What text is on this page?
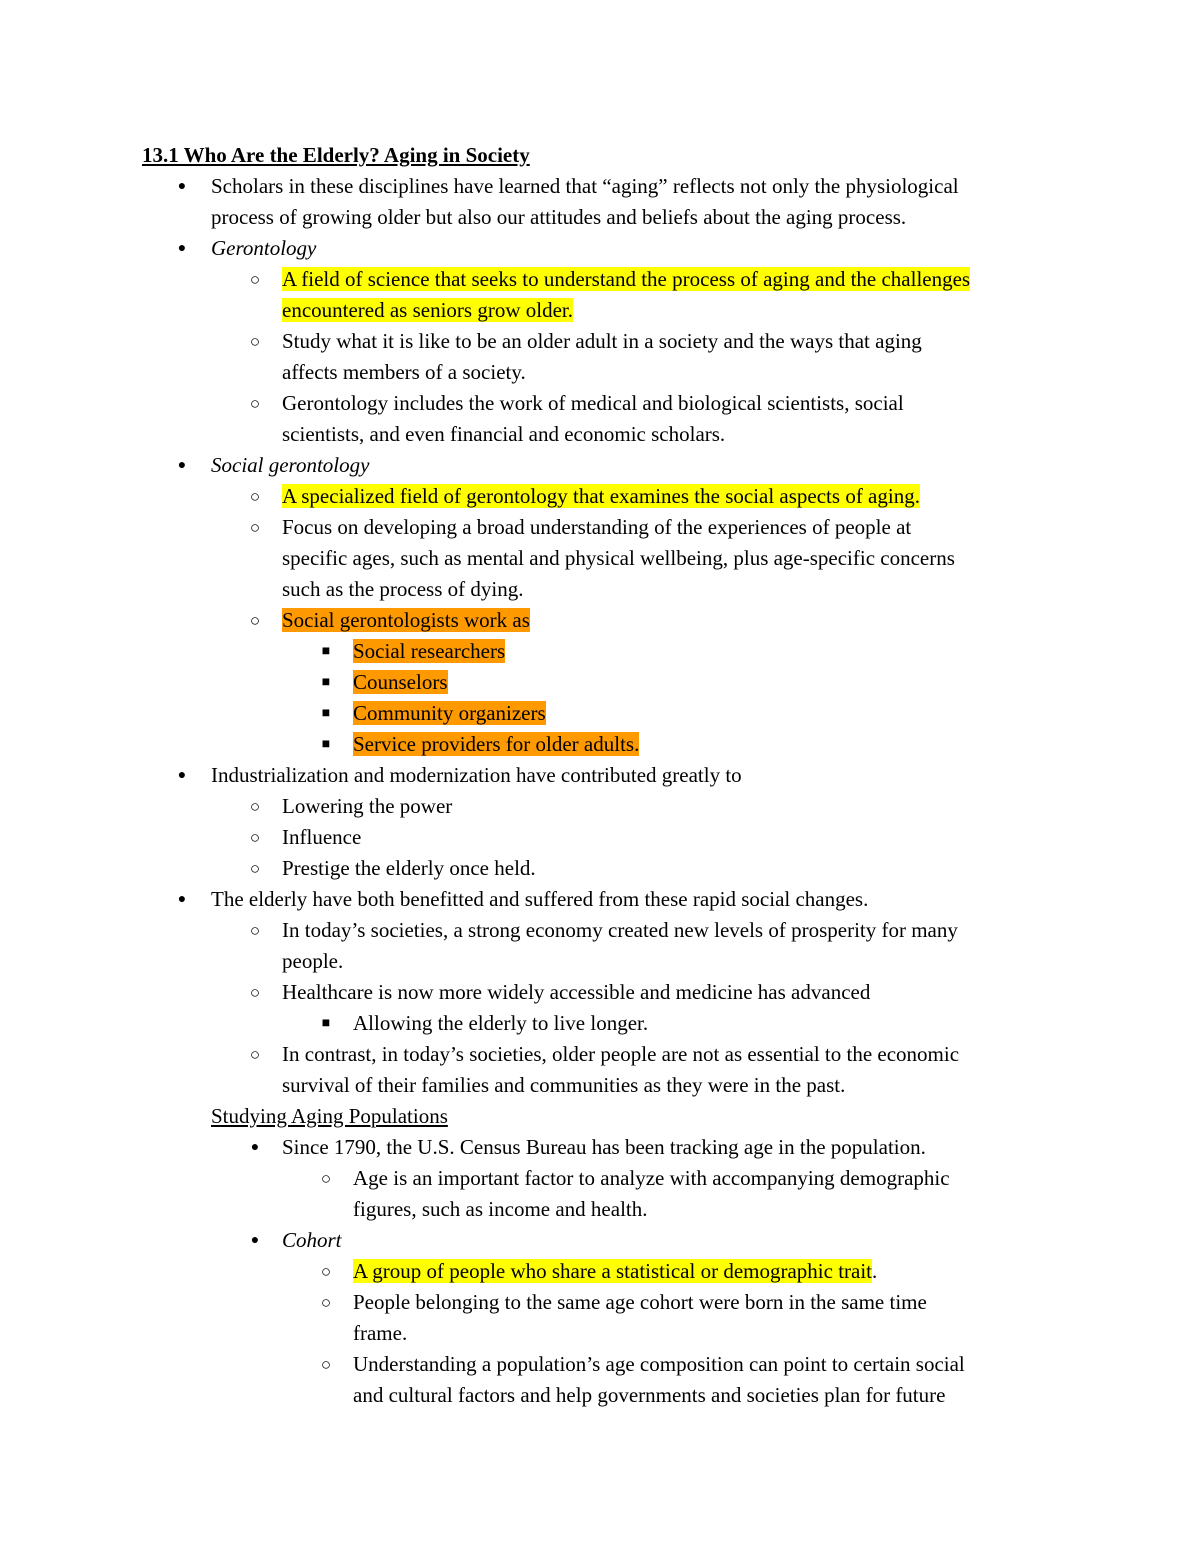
13.1 Who Are the Elderly? Aging in Society
● Scholars in these disciplines have learned that “aging” reflects not only the physiological
process of growing older but also our attitudes and beliefs about the aging process.
● Gerontology
○ A field of science that seeks to understand the process of aging and the challenges
encountered as seniors grow older.
○ Study what it is like to be an older adult in a society and the ways that aging
affects members of a society.
○ Gerontology includes the work of medical and biological scientists, social
scientists, and even financial and economic scholars.
● Social gerontology
○ A specialized field of gerontology that examines the social aspects of aging.
○ Focus on developing a broad understanding of the experiences of people at
specific ages, such as mental and physical wellbeing, plus age-specific concerns
such as the process of dying.
○ Social gerontologists work as
■ Social researchers
■ Counselors
■ Community organizers
■ Service providers for older adults.
● Industrialization and modernization have contributed greatly to
○ Lowering the power
○ Influence
○ Prestige the elderly once held.
● The elderly have both benefitted and suffered from these rapid social changes.
○ In today’s societies, a strong economy created new levels of prosperity for many
people.
○ Healthcare is now more widely accessible and medicine has advanced
■ Allowing the elderly to live longer.
○ In contrast, in today’s societies, older people are not as essential to the economic
survival of their families and communities as they were in the past.
Studying Aging Populations
● Since 1790, the U.S. Census Bureau has been tracking age in the population.
○ Age is an important factor to analyze with accompanying demographic
figures, such as income and health.
● Cohort
○ A group of people who share a statistical or demographic trait.
○ People belonging to the same age cohort were born in the same time
frame.
○ Understanding a population’s age composition can point to certain social
and cultural factors and help governments and societies plan for future
